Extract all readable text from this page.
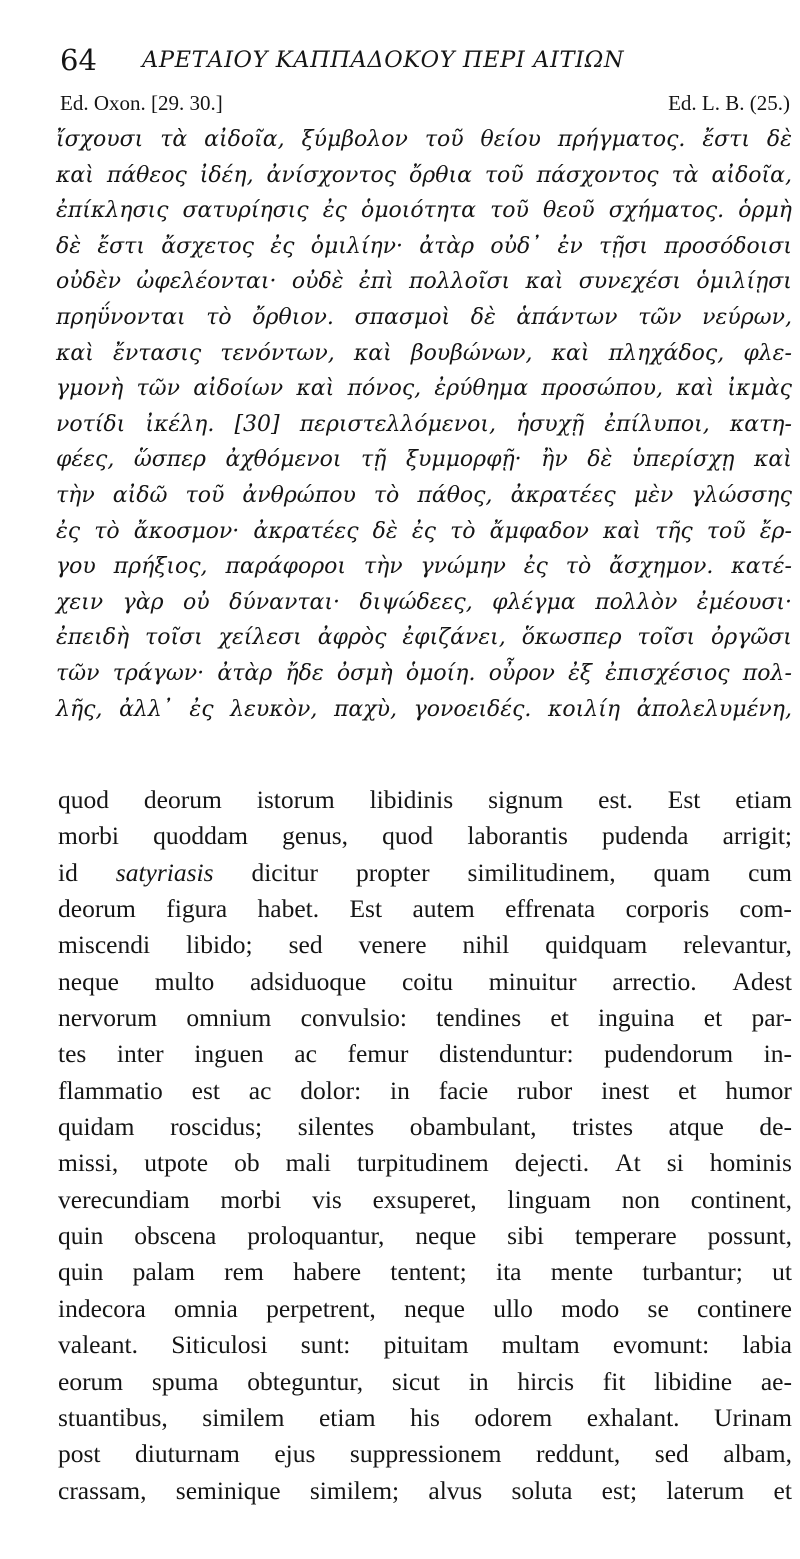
64 ΑΡΕΤΑΙΟΥ ΚΑΠΠΑΔΟΚΟΥ ΠΕΡΙ ΑΙΤΙΩΝ
Ed. Oxon. [29. 30.]	Ed. L. B. (25.)
ἴσχουσι τὰ αἰδοῖα, ξύμβολον τοῦ θείου πρήγματος. ἔστι δὲ
καὶ πάθεος ἰδέη, ἀνίσχοντος ὄρθια τοῦ πάσχοντος τὰ αἰδοῖα,
ἐπίκλησις σατυρίησις ἐς ὁμοιότητα τοῦ θεοῦ σχήματος. ὁρμὴ
δὲ ἔστι ἄσχετος ἐς ὁμιλίην· ἀτὰρ οὐδ᾽ ἐν τῇσι προσόδοισι
οὐδὲν ὠφελέονται· οὐδὲ ἐπὶ πολλοῖσι καὶ συνεχέσι ὁμιλίῃσι
πρηΰνονται τὸ ὄρθιον. σπασμοὶ δὲ ἁπάντων τῶν νεύρων,
καὶ ἔντασις τενόντων, καὶ βουβώνων, καὶ πληχάδος, φλε-
γμονὴ τῶν αἰδοίων καὶ πόνος, ἐρύθημα προσώπου, καὶ ἰκμὰς
νοτίδι ἰκέλη. [30] περιστελλόμενοι, ἡσυχῇ ἐπίλυποι, κατη-
φέες, ὥσπερ ἀχθόμενοι τῇ ξυμμορφῇ· ἢν δὲ ὑπερίσχῃ καὶ
τὴν αἰδῶ τοῦ ἀνθρώπου τὸ πάθος, ἀκρατέες μὲν γλώσσης
ἐς τὸ ἄκοσμον· ἀκρατέες δὲ ἐς τὸ ἄμφαδον καὶ τῆς τοῦ ἔρ-
γου πρήξιος, παράφοροι τὴν γνώμην ἐς τὸ ἄσχημον. κατέ-
χειν γὰρ οὐ δύνανται· διψώδεες, φλέγμα πολλὸν ἐμέουσι·
ἐπειδὴ τοῖσι χείλεσι ἀφρὸς ἐφιζάνει, ὅκωσπερ τοῖσι ὀργῶσι
τῶν τράγων· ἀτὰρ ἤδε ὀσμὴ ὁμοίη. οὖρον ἐξ ἐπισχέσιος πολ-
λῆς, ἀλλ᾽ ἐς λευκὸν, παχὺ, γονοειδές. κοιλίη ἀπολελυμένη,
quod deorum istorum libidinis signum est. Est etiam
morbi quoddam genus, quod laborantis pudenda arrigit;
id satyriasis dicitur propter similitudinem, quam cum
deorum figura habet. Est autem effrenata corporis com-
miscendi libido; sed venere nihil quidquam relevantur,
neque multo adsiduoque coitu minuitur arrectio. Adest
nervorum omnium convulsio: tendines et inguina et par-
tes inter inguen ac femur distenduntur: pudendorum in-
flammatio est ac dolor: in facie rubor inest et humor
quidam roscidus; silentes obambulant, tristes atque de-
missi, utpote ob mali turpitudinem dejecti. At si hominis
verecundiam morbi vis exsuperet, linguam non continent,
quin obscena proloquantur, neque sibi temperare possunt,
quin palam rem habere tentent; ita mente turbantur; ut
indecora omnia perpetrent, neque ullo modo se continere
valeant. Siticulosi sunt: pituitam multam evomunt: labia
eorum spuma obteguntur, sicut in hircis fit libidine ae-
stuantibus, similem etiam his odorem exhalant. Urinam
post diuturnam ejus suppressionem reddunt, sed albam,
crassam, seminique similem; alvus soluta est; laterum et
